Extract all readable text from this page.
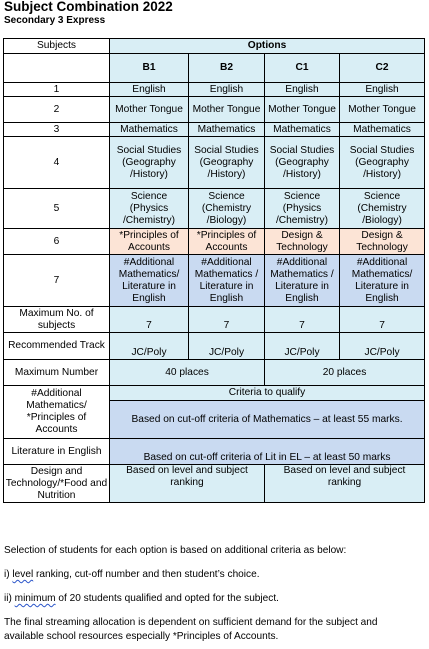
Subject Combination 2022
Secondary 3 Express
Subjects	Options			
	B1	B2	C1	C2
1	English	English	English	English
2	Mother Tongue	Mother Tongue	Mother Tongue	Mother Tongue
3	Mathematics	Mathematics	Mathematics	Mathematics
4	Social Studies (Geography /History)	Social Studies (Geography /History)	Social Studies (Geography /History)	Social Studies (Geography /History)
5	Science (Physics /Chemistry)	Science (Chemistry /Biology)	Science (Physics /Chemistry)	Science (Chemistry /Biology)
6	*Principles of Accounts	*Principles of Accounts	Design & Technology	Design & Technology
7	#Additional Mathematics/ Literature in English	#Additional Mathematics / Literature in English	#Additional Mathematics / Literature in English	#Additional Mathematics/ Literature in English
Maximum No. of subjects	7	7	7	7
Recommended Track	JC/Poly	JC/Poly	JC/Poly	JC/Poly
Maximum Number	40 places		20 places	
#Additional Mathematics/ *Principles of Accounts	Criteria to qualify			
	Based on cut-off criteria of Mathematics – at least 55 marks.			
Literature in English	Based on cut-off criteria of Lit in EL – at least 50 marks			
Design and Technology/*Food and Nutrition	Based on level and subject ranking		Based on level and subject ranking	
Selection of students for each option is based on additional criteria as below:
i) level ranking, cut-off number and then student’s choice.
ii) minimum of 20 students qualified and opted for the subject.
The final streaming allocation is dependent on sufficient demand for the subject and
available school resources especially *Principles of Accounts.
